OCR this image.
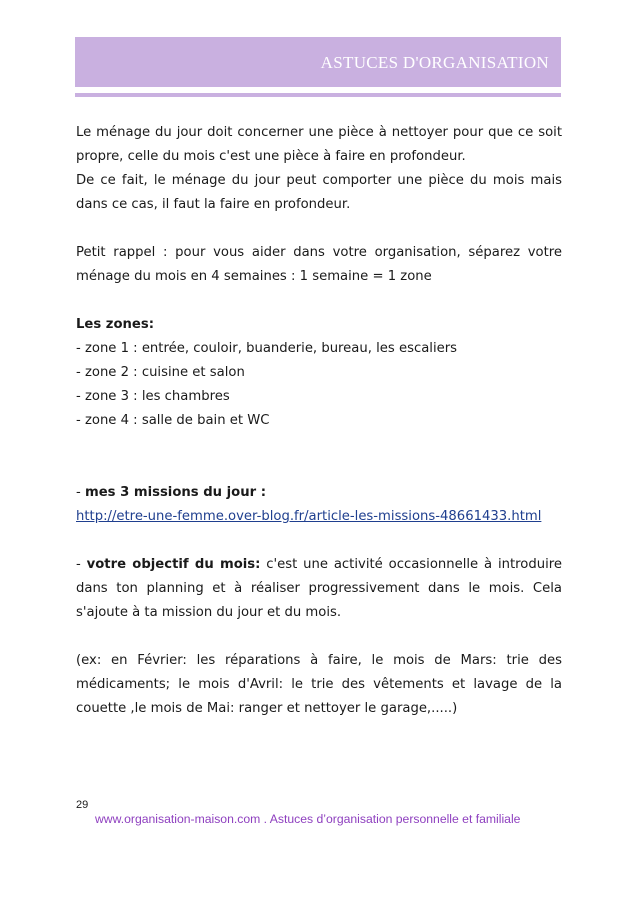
ASTUCES D'ORGANISATION

Le ménage du jour doit concerner une pièce à nettoyer pour que ce soit propre, celle du mois c'est une pièce à faire en profondeur.

De ce fait, le ménage du jour peut comporter une pièce du mois mais dans ce cas, il faut la faire en profondeur.

Petit rappel : pour vous aider dans votre organisation, séparez votre ménage du mois en 4 semaines : 1 semaine = 1 zone

Les zones:

- zone 1 : entrée, couloir, buanderie, bureau, les escaliers

- zone 2 : cuisine et salon

- zone 3 : les chambres

- zone 4 : salle de bain et WC

- mes 3 missions du jour :

http://etre-une-femme.over-blog.fr/article-les-missions-48661433.html

- votre objectif du mois: c'est une activité occasionnelle à introduire dans ton planning et à réaliser progressivement dans le mois. Cela s'ajoute à ta mission du jour et du mois.

(ex: en Février: les réparations à faire, le mois de Mars: trie des médicaments; le mois d'Avril: le trie des vêtements et lavage de la couette ,le mois de Mai: ranger et nettoyer le garage,.....)

29
www.organisation-maison.com . Astuces d’organisation personnelle et familiale
